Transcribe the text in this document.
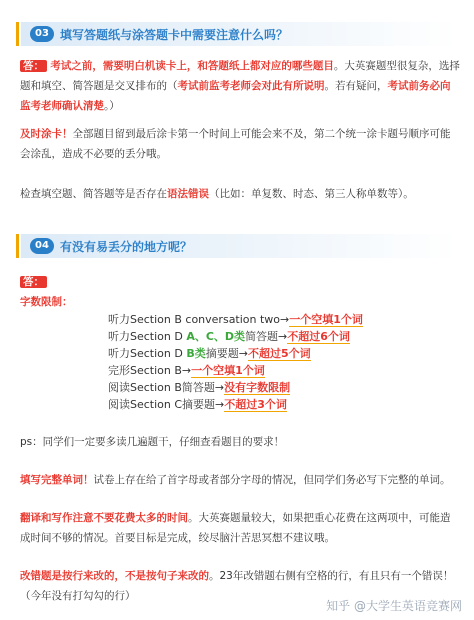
03 填写答题纸与涂答题卡中需要注意什么吗？
答： 考试之前，需要明白机读卡上，和答题纸上都对应的哪些题目。大英赛题型很复杂，选择题和填空、简答题是交叉排布的（考试前监考老师会对此有所说明。若有疑问，考试前务必向监考老师确认清楚。）
及时涂卡！全部题目留到最后涂卡第一个时间上可能会来不及，第二个统一涂卡题号顺序可能会涂乱，造成不必要的丢分哦。
检查填空题、简答题等是否存在语法错误（比如：单复数、时态、第三人称单数等）。
04 有没有易丢分的地方呢？
答：
字数限制：
听力Section B conversation two→一个空填1个词
听力Section D A、C、D类简答题→不超过6个词
听力Section D B类摘要题→不超过5个词
完形Section B→一个空填1个词
阅读Section B简答题→没有字数限制
阅读Section C摘要题→不超过3个词
ps：同学们一定要多读几遍题干，仔细查看题目的要求！
填写完整单词！试卷上存在给了首字母或者部分字母的情况，但同学们务必写下完整的单词。
翻译和写作注意不要花费太多的时间。大英赛题量较大，如果把重心花费在这两项中，可能造成时间不够的情况。首要目标是完成，绞尽脑汁苦思冥想不建议哦。
改错题是按行来改的，不是按句子来改的。23年改错题右侧有空格的行，有且只有一个错误！（今年没有打勾勾的行）
知乎 @大学生英语竞赛网
